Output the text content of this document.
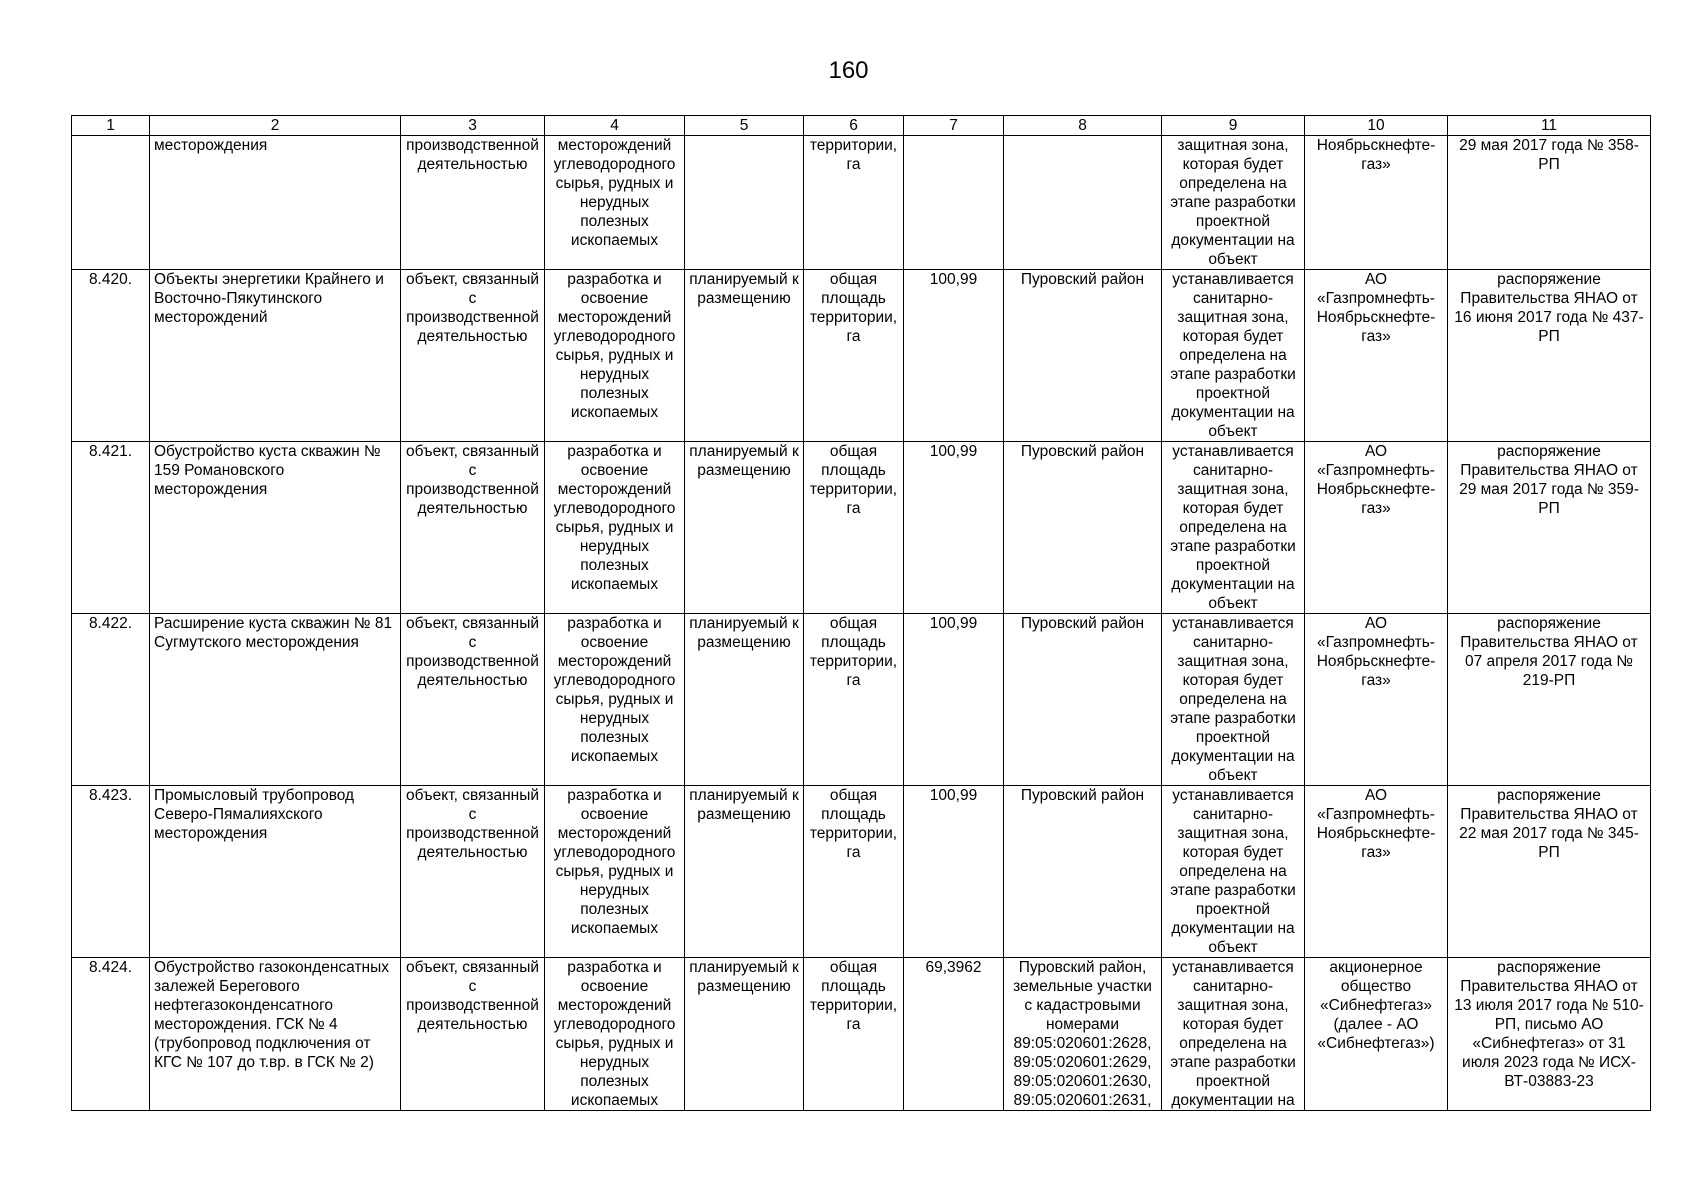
160
1	2	3	4	5	6	7	8	9	10	11
	месторождения	производственной деятельностью	месторождений углеводородного сырья, рудных и нерудных полезных ископаемых		территории, га			защитная зона, которая будет определена на этапе разработки проектной документации на объект	Ноябрьскнефте-газ»	29 мая 2017 года № 358-РП
8.420.	Объекты энергетики Крайнего и Восточно-Пякутинского месторождений	объект, связанный с производственной деятельностью	разработка и освоение месторождений углеводородного сырья, рудных и нерудных полезных ископаемых	планируемый к размещению	общая площадь территории, га	100,99	Пуровский район	устанавливается санитарно-защитная зона, которая будет определена на этапе разработки проектной документации на объект	АО «Газпромнефть-Ноябрьскнефте-газ»	распоряжение Правительства ЯНАО от 16 июня 2017 года № 437-РП
8.421.	Обустройство куста скважин № 159 Романовского месторождения	объект, связанный с производственной деятельностью	разработка и освоение месторождений углеводородного сырья, рудных и нерудных полезных ископаемых	планируемый к размещению	общая площадь территории, га	100,99	Пуровский район	устанавливается санитарно-защитная зона, которая будет определена на этапе разработки проектной документации на объект	АО «Газпромнефть-Ноябрьскнефте-газ»	распоряжение Правительства ЯНАО от 29 мая 2017 года № 359-РП
8.422.	Расширение куста скважин № 81 Сугмутского месторождения	объект, связанный с производственной деятельностью	разработка и освоение месторождений углеводородного сырья, рудных и нерудных полезных ископаемых	планируемый к размещению	общая площадь территории, га	100,99	Пуровский район	устанавливается санитарно-защитная зона, которая будет определена на этапе разработки проектной документации на объект	АО «Газпромнефть-Ноябрьскнефте-газ»	распоряжение Правительства ЯНАО от 07 апреля 2017 года № 219-РП
8.423.	Промысловый трубопровод Северо-Пямалияхского месторождения	объект, связанный с производственной деятельностью	разработка и освоение месторождений углеводородного сырья, рудных и нерудных полезных ископаемых	планируемый к размещению	общая площадь территории, га	100,99	Пуровский район	устанавливается санитарно-защитная зона, которая будет определена на этапе разработки проектной документации на объект	АО «Газпромнефть-Ноябрьскнефте-газ»	распоряжение Правительства ЯНАО от 22 мая 2017 года № 345-РП
8.424.	Обустройство газоконденсатных залежей Берегового нефтегазоконденсатного месторождения. ГСК № 4 (трубопровод подключения от КГС № 107 до т.вр. в ГСК № 2)	объект, связанный с производственной деятельностью	разработка и освоение месторождений углеводородного сырья, рудных и нерудных полезных ископаемых	планируемый к размещению	общая площадь территории, га	69,3962	Пуровский район, земельные участки с кадастровыми номерами 89:05:020601:2628, 89:05:020601:2629, 89:05:020601:2630, 89:05:020601:2631,	устанавливается санитарно-защитная зона, которая будет определена на этапе разработки проектной документации на	акционерное общество «Сибнефтегаз» (далее - АО «Сибнефтегаз»)	распоряжение Правительства ЯНАО от 13 июля 2017 года № 510-РП, письмо АО «Сибнефтегаз» от 31 июля 2023 года № ИСХ-ВТ-03883-23
